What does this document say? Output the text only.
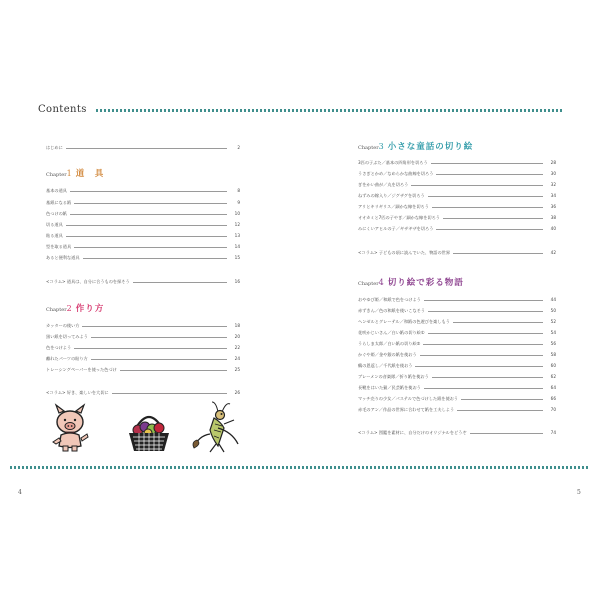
Contents
はじめに	2
Chapter 1 道　具
基本の道具	8
基紙になる紙	9
色つけの紙	10
切る道具	12
貼る道具	13
型を取る道具	14
あると便利な道具	15
<コラム> 道具は、自分に合うものを探そう	16
Chapter 2 作り方
カッターの使い方	18
黒い紙を切ってみよう	20
色をつけよう	22
離れたパーツの貼り方	24
トレーシングペーパーを使った色づけ	25
<コラム> 好き、楽しいを大切に	26
4
Chapter 3 小さな童話の切り絵
3匹の子ぶた／基本の四角形を切ろう	28
うさぎとかめ／なめらかな曲線を切ろう	30
ぎをかい曲が／丸を切ろう	32
ねずみの嫁入り／ジグザグを切ろう	34
アリとキリギリス／細かな線を切ろう	36
オオカミと7匹の子やぎ／細かな線を切ろう	38
みにくいアヒルの子／ギザギザを切ろう	40
<コラム> 子どもの頃に読んでいた、物語の世界	42
Chapter 4 切り絵で彩る物語
おやゆび姫／和紙で色をつけよう	44
赤ずきん／色の和紙を使いこなそう	50
ヘンゼルとグレーテル／和紙の色遊びを楽しもう	52
花咲かじいさん／白い紙の切り絵①	54
うらしま太郎／白い紙の切り絵②	56
かぐや姫／金や銀の紙を使おう	58
鶴の恩返し／千代紙を使おう	60
ブレーメンの音楽隊／折り紙を使おう	62
長靴をはいた猫／民芸紙を使おう	64
マッチ売りの少女／パステルで色づけした紙を使おう	66
赤毛のアン／作品の世界に合わせて紙を工夫しよう	70
<コラム> 図鑑を素材に、自分だけのオリジナルをどうぞ	74
5
